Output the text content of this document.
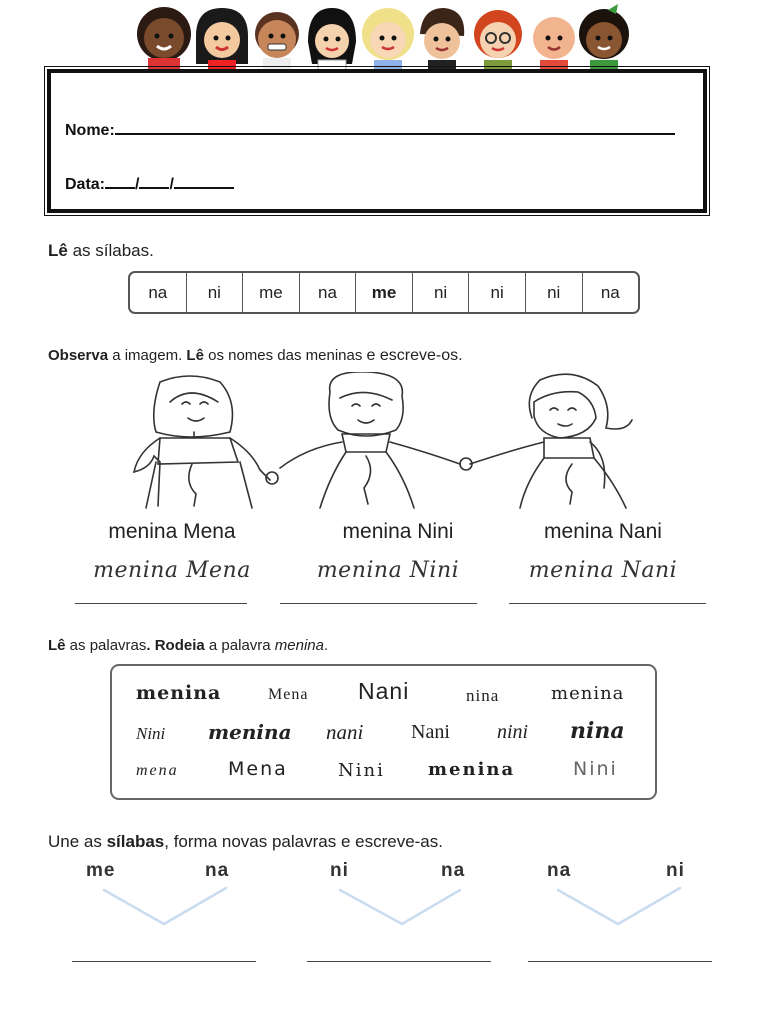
Nome:
Data: / /
Lê as sílabas.
na	ni	me	na	me	ni	ni	ni	na
Observa a imagem. Lê os nomes das meninas e escreve-os.
menina Mena	menina Nini	menina Nani
menina Mena	menina Nini	menina Nani
Lê as palavras. Rodeia a palavra menina.
menina	Mena Nani	nina	menina
Nini menina nani Nani nini nina
mena	Mena	Nini menina	Nini
Une as sílabas, forma novas palavras e escreve-as.
me	na	ni	na	na	ni
